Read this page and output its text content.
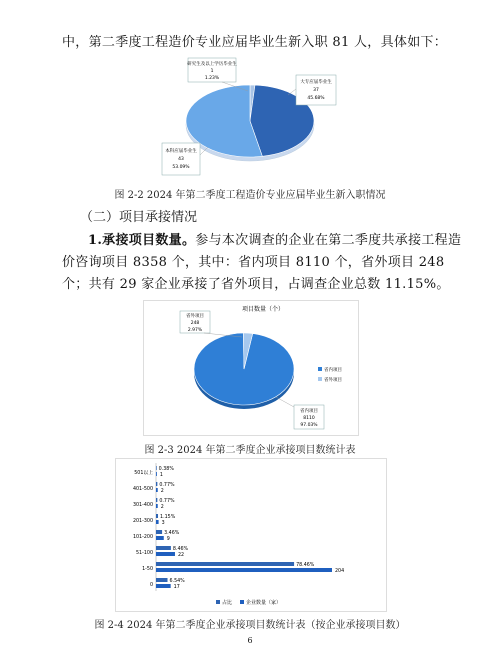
中，第二季度工程造价专业应届毕业生新入职 81 人，具体如下：
研究生及以上学历毕业生
1
1.23%
大专应届毕业生
37
45.68%
本科应届毕业生
43
53.09%
图 2-2 2024 年第二季度工程造价专业应届毕业生新入职情况
（二）项目承接情况
1.承接项目数量。参与本次调查的企业在第二季度共承接工程造价咨询项目 8358 个，其中：省内项目 8110 个，省外项目 248 个；共有 29 家企业承接了省外项目，占调查企业总数 11.15%。
项目数量（个）
省外项目
248
2.97%
省内项目
8110
97.03%
省内项目
省外项目
图 2-3 2024 年第二季度企业承接项目数统计表
501以上
0.38%
1
401-500
0.77%
2
301-400
0.77%
2
201-300
1.15%
3
101-200
3.46%
9
51-100
8.46%
22
1-50
78.46%
204
0
6.54%
17
占比	企业数量（家）
图 2-4 2024 年第二季度企业承接项目数统计表（按企业承接项目数）
6
